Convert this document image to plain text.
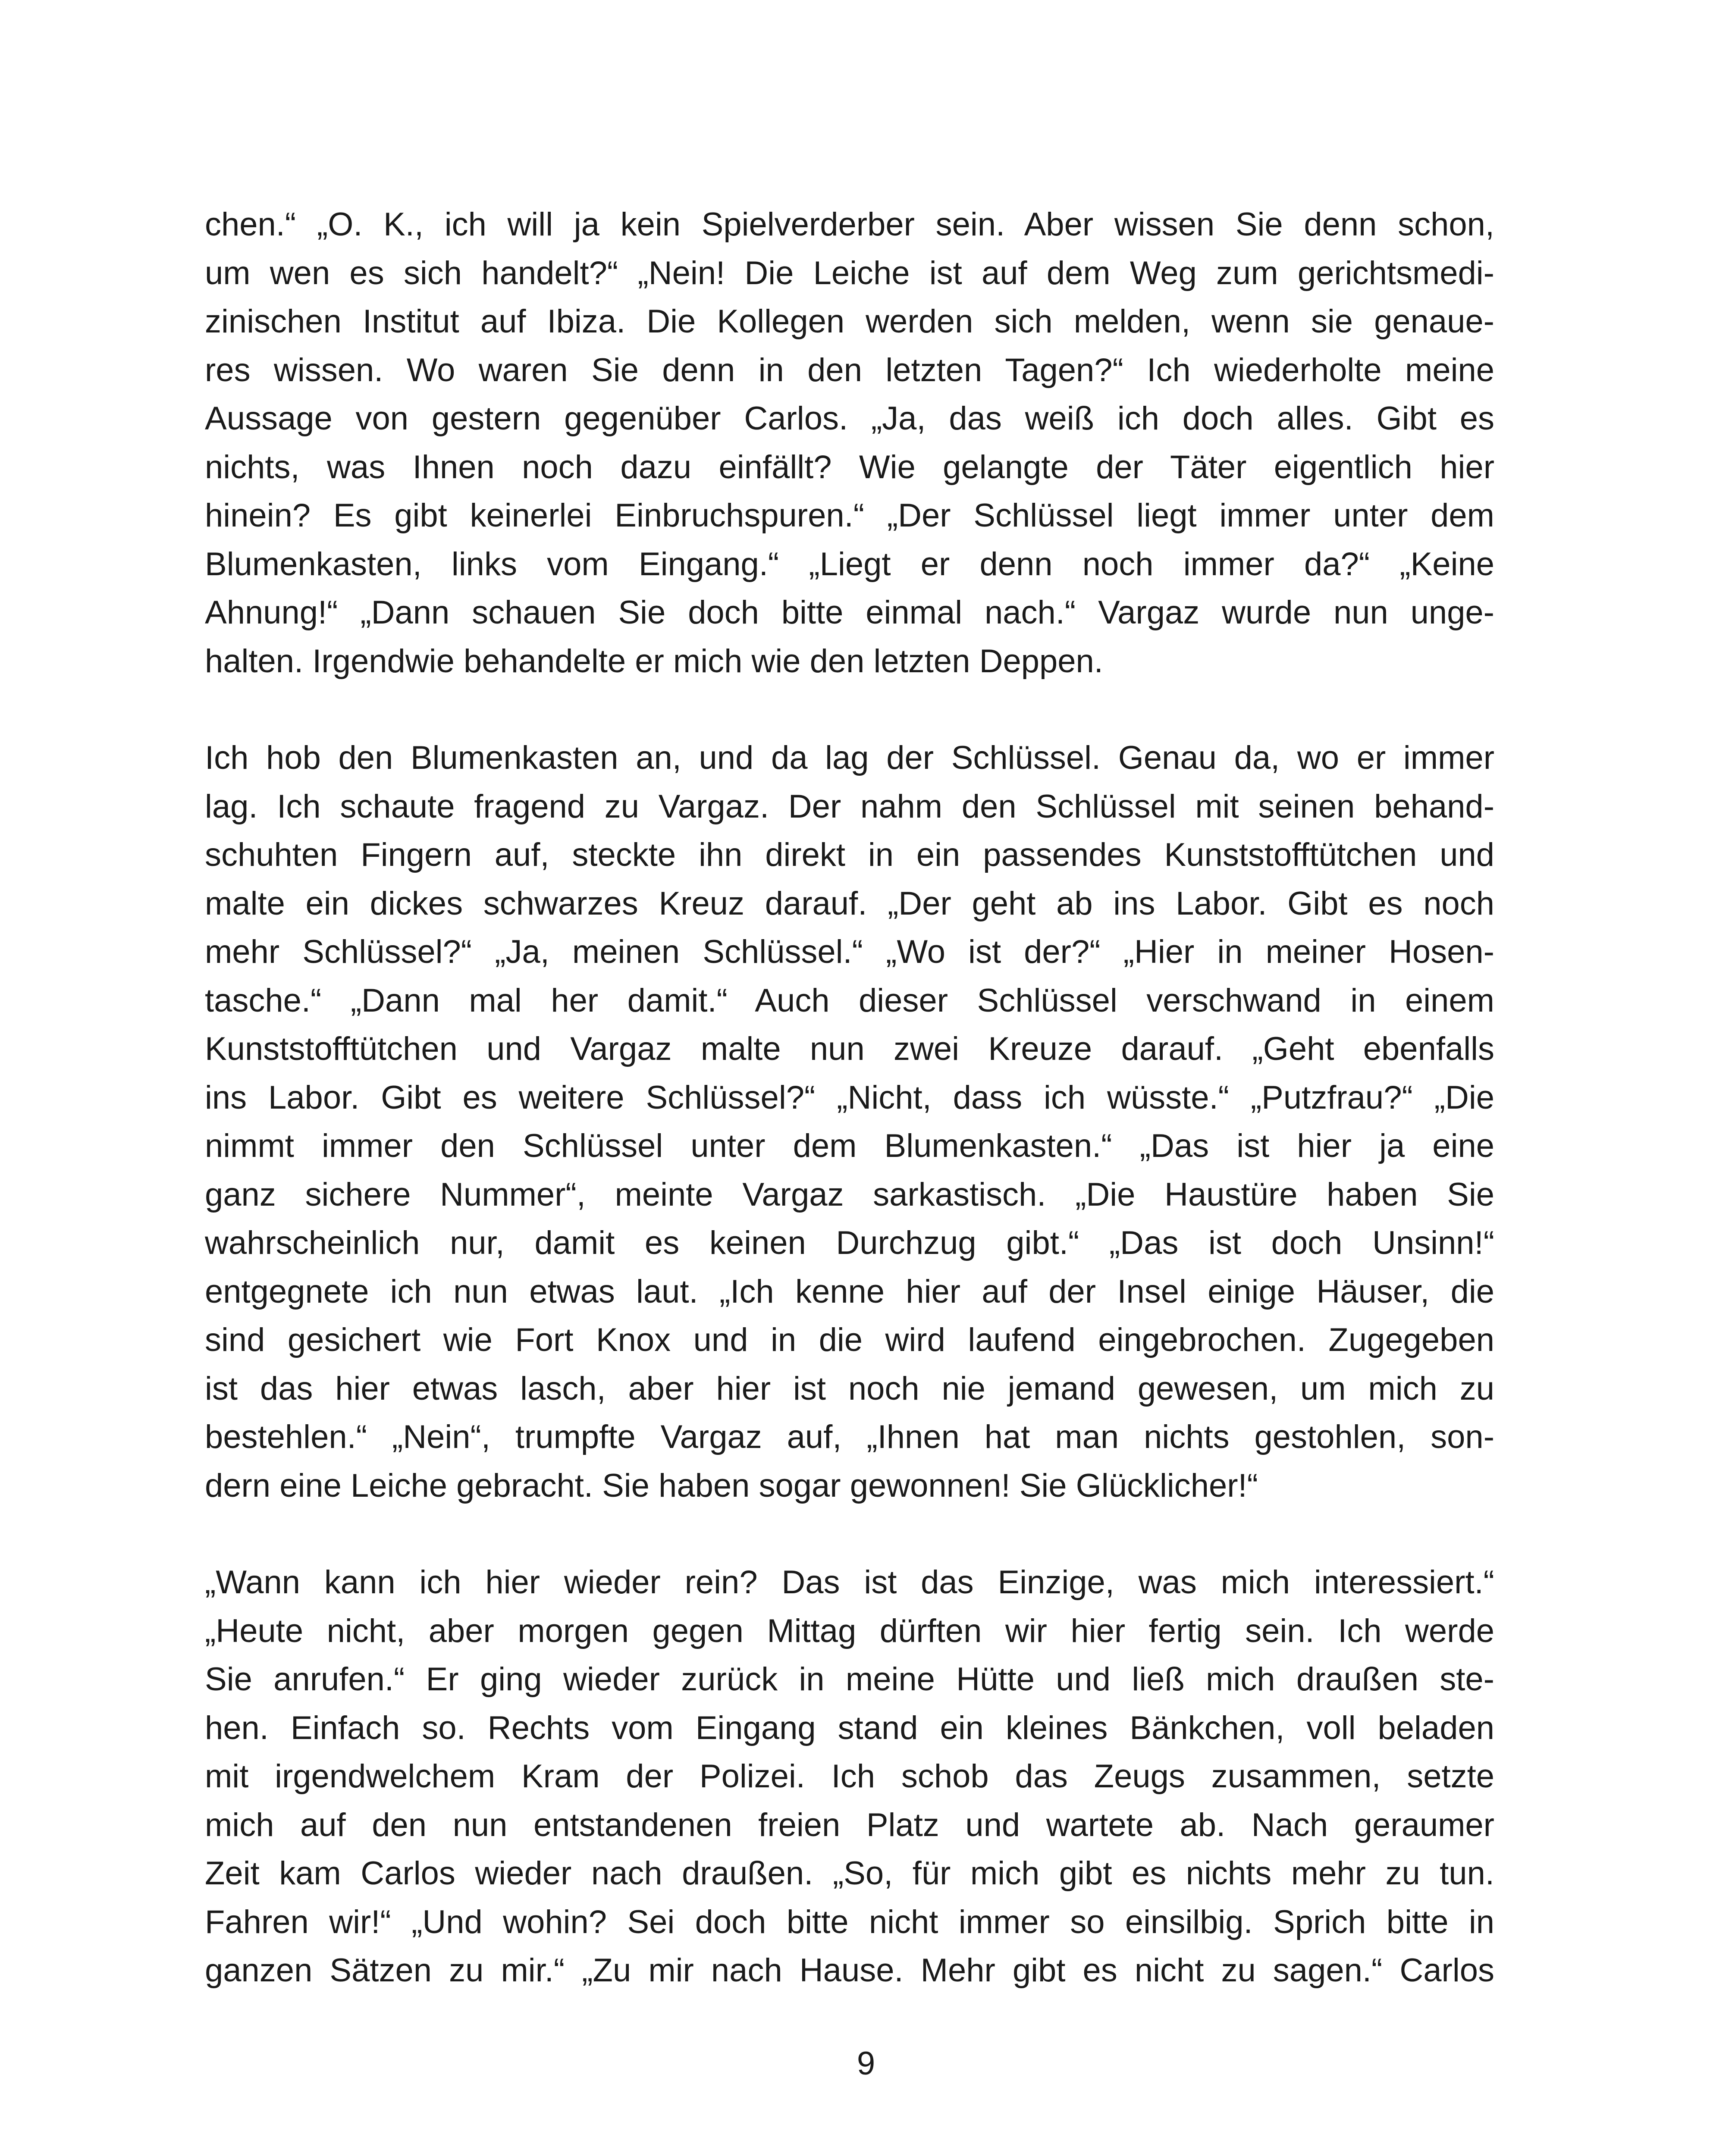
chen.“ „O. K., ich will ja kein Spielverderber sein. Aber wissen Sie denn schon,
um wen es sich handelt?“ „Nein! Die Leiche ist auf dem Weg zum gerichtsmedi-
zinischen Institut auf Ibiza. Die Kollegen werden sich melden, wenn sie genaue-
res wissen. Wo waren Sie denn in den letzten Tagen?“ Ich wiederholte meine
Aussage von gestern gegenüber Carlos. „Ja, das weiß ich doch alles. Gibt es
nichts, was Ihnen noch dazu einfällt? Wie gelangte der Täter eigentlich hier
hinein? Es gibt keinerlei Einbruchspuren.“ „Der Schlüssel liegt immer unter dem
Blumenkasten, links vom Eingang.“ „Liegt er denn noch immer da?“ „Keine
Ahnung!“ „Dann schauen Sie doch bitte einmal nach.“ Vargaz wurde nun unge-
halten. Irgendwie behandelte er mich wie den letzten Deppen.
Ich hob den Blumenkasten an, und da lag der Schlüssel. Genau da, wo er immer
lag. Ich schaute fragend zu Vargaz. Der nahm den Schlüssel mit seinen behand-
schuhten Fingern auf, steckte ihn direkt in ein passendes Kunststofftütchen und
malte ein dickes schwarzes Kreuz darauf. „Der geht ab ins Labor. Gibt es noch
mehr Schlüssel?“ „Ja, meinen Schlüssel.“ „Wo ist der?“ „Hier in meiner Hosen-
tasche.“ „Dann mal her damit.“ Auch dieser Schlüssel verschwand in einem
Kunststofftütchen und Vargaz malte nun zwei Kreuze darauf. „Geht ebenfalls
ins Labor. Gibt es weitere Schlüssel?“ „Nicht, dass ich wüsste.“ „Putzfrau?“ „Die
nimmt immer den Schlüssel unter dem Blumenkasten.“ „Das ist hier ja eine
ganz sichere Nummer“, meinte Vargaz sarkastisch. „Die Haustüre haben Sie
wahrscheinlich nur, damit es keinen Durchzug gibt.“ „Das ist doch Unsinn!“
entgegnete ich nun etwas laut. „Ich kenne hier auf der Insel einige Häuser, die
sind gesichert wie Fort Knox und in die wird laufend eingebrochen. Zugegeben
ist das hier etwas lasch, aber hier ist noch nie jemand gewesen, um mich zu
bestehlen.“ „Nein“, trumpfte Vargaz auf, „Ihnen hat man nichts gestohlen, son-
dern eine Leiche gebracht. Sie haben sogar gewonnen! Sie Glücklicher!“
„Wann kann ich hier wieder rein? Das ist das Einzige, was mich interessiert.“
„Heute nicht, aber morgen gegen Mittag dürften wir hier fertig sein. Ich werde
Sie anrufen.“ Er ging wieder zurück in meine Hütte und ließ mich draußen ste-
hen. Einfach so. Rechts vom Eingang stand ein kleines Bänkchen, voll beladen
mit irgendwelchem Kram der Polizei. Ich schob das Zeugs zusammen, setzte
mich auf den nun entstandenen freien Platz und wartete ab. Nach geraumer
Zeit kam Carlos wieder nach draußen. „So, für mich gibt es nichts mehr zu tun.
Fahren wir!“ „Und wohin? Sei doch bitte nicht immer so einsilbig. Sprich bitte in
ganzen Sätzen zu mir.“ „Zu mir nach Hause. Mehr gibt es nicht zu sagen.“ Carlos
9
